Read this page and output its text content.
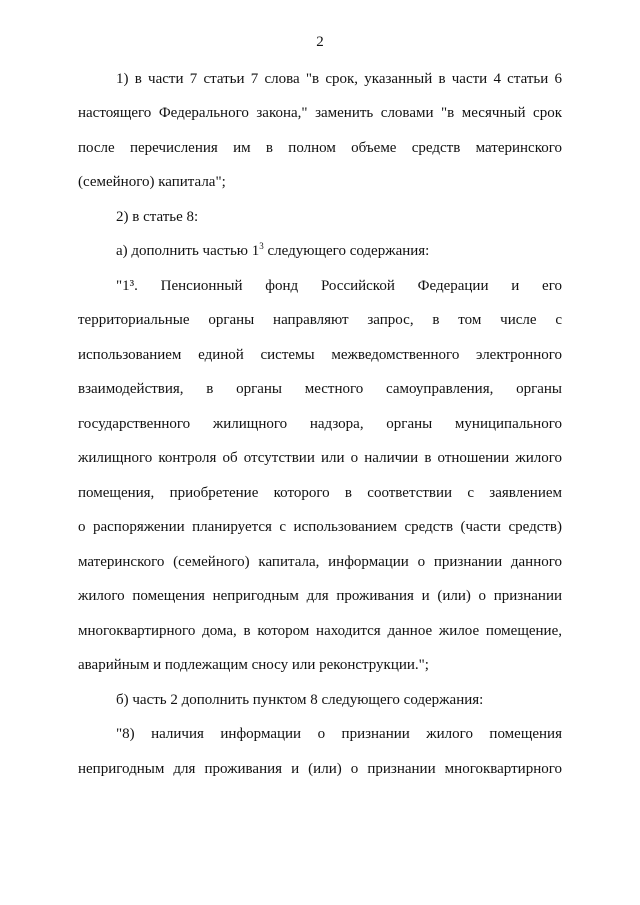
2
1) в части 7 статьи 7 слова "в срок, указанный в части 4 статьи 6
настоящего Федерального закона," заменить словами "в месячный срок
после перечисления им в полном объеме средств материнского
(семейного) капитала";
2) в статье 8:
а) дополнить частью $1^3$ следующего содержания:
"1³. Пенсионный фонд Российской Федерации и его
территориальные органы направляют запрос, в том числе с
использованием единой системы межведомственного электронного
взаимодействия, в органы местного самоуправления, органы
государственного жилищного надзора, органы муниципального
жилищного контроля об отсутствии или о наличии в отношении жилого
помещения, приобретение которого в соответствии с заявлением
о распоряжении планируется с использованием средств (части средств)
материнского (семейного) капитала, информации о признании данного
жилого помещения непригодным для проживания и (или) о признании
многоквартирного дома, в котором находится данное жилое помещение,
аварийным и подлежащим сносу или реконструкции.";
б) часть 2 дополнить пунктом 8 следующего содержания:
"8) наличия информации о признании жилого помещения
непригодным для проживания и (или) о признании многоквартирного
